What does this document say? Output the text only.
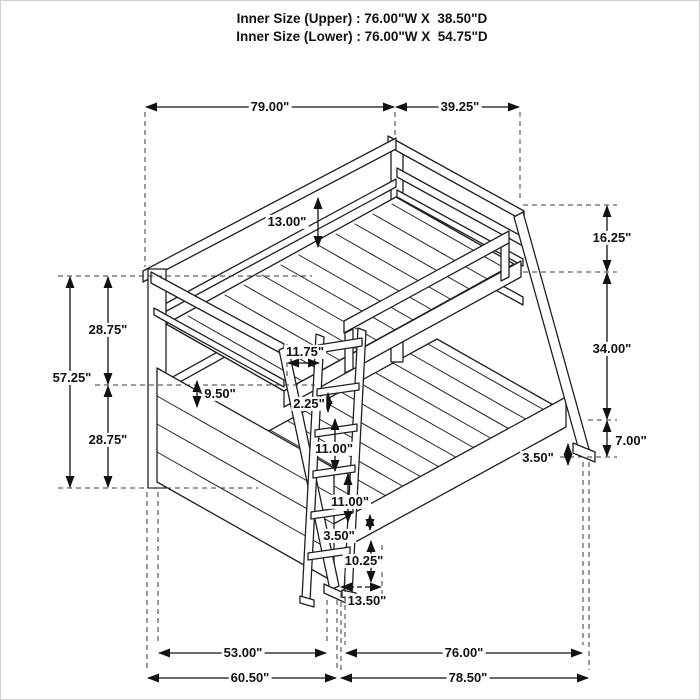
Inner Size (Upper) : 76.00"W X  38.50"D
Inner Size (Lower) : 76.00"W X  54.75"D
79.00"	39.25"
57.25"
28.75"
28.75"
16.25"
34.00"
7.00"
3.50"
13.00"
11.75"
9.50"
2.25"
11.00"
11.00"
3.50"
10.25"
13.50"
53.00"	76.00"
60.50"	78.50"
